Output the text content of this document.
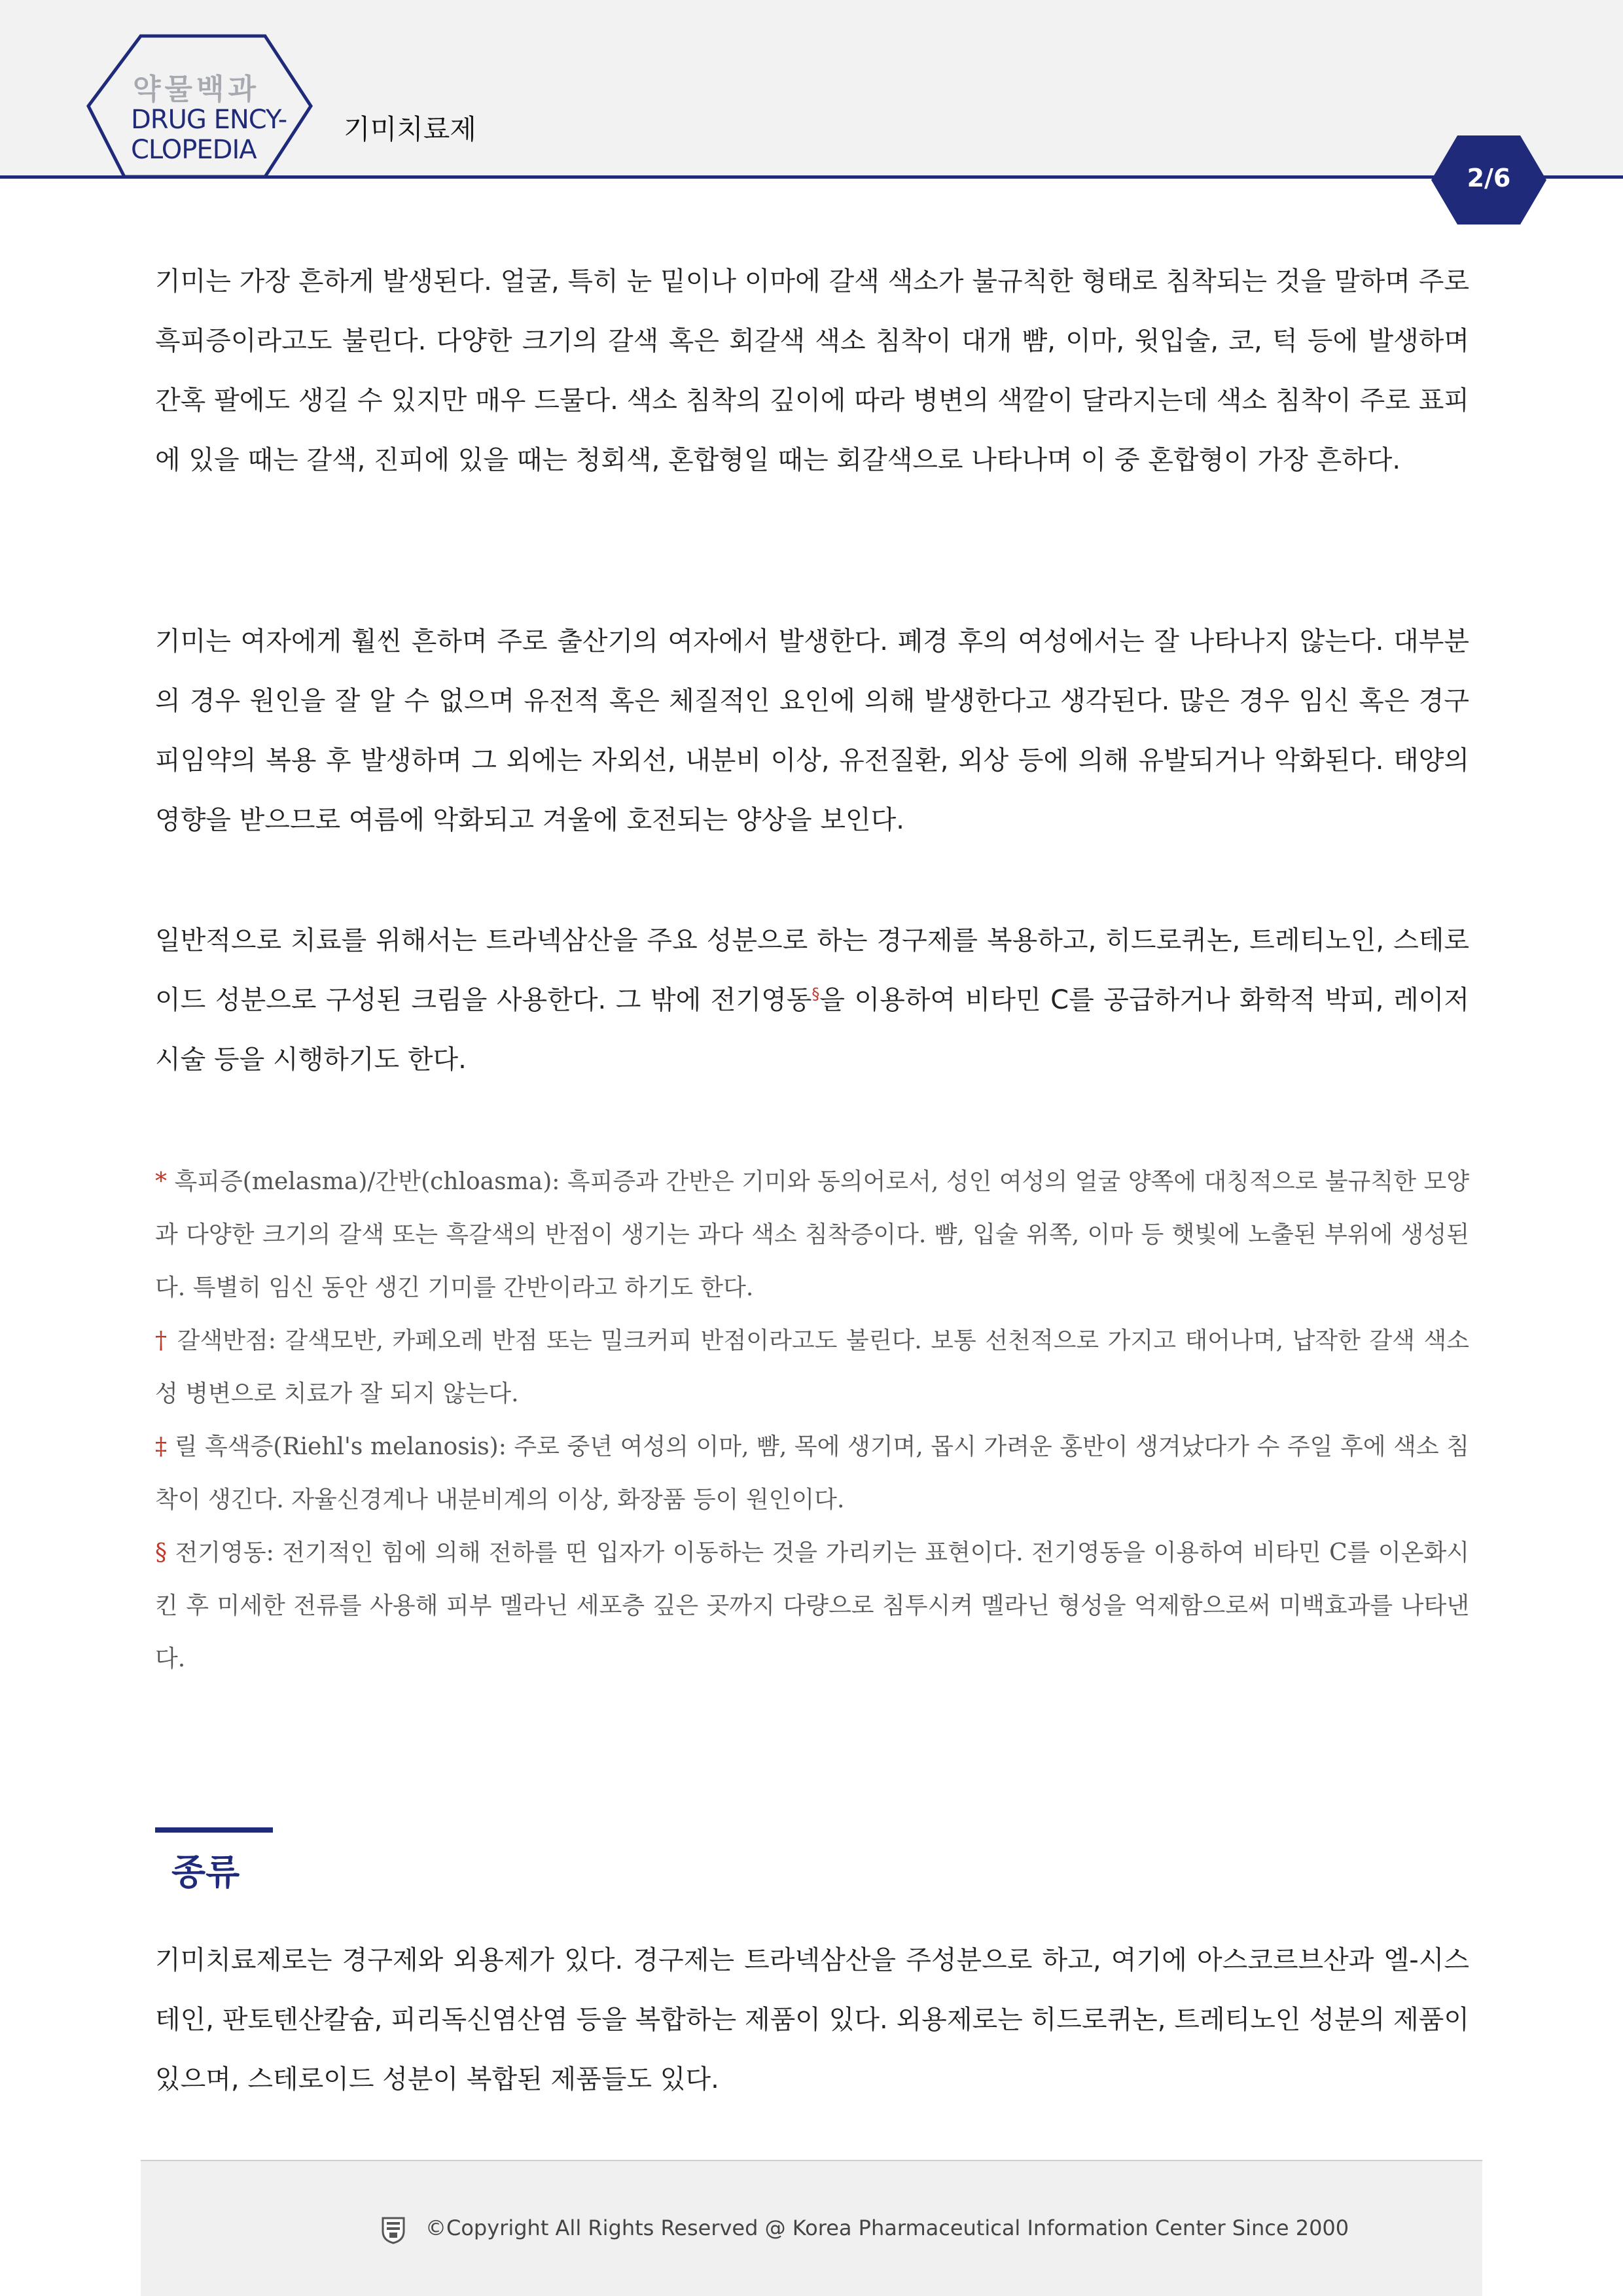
약물백과
DRUG ENCY-
CLOPEDIA
기미치료제
2/6

기미는 가장 흔하게 발생된다. 얼굴, 특히 눈 밑이나 이마에 갈색 색소가 불규칙한 형태로 침착되는 것을 말하며 주로 흑피증이라고도 불린다. 다양한 크기의 갈색 혹은 회갈색 색소 침착이 대개 뺨, 이마, 윗입술, 코, 턱 등에 발생하며 간혹 팔에도 생길 수 있지만 매우 드물다. 색소 침착의 깊이에 따라 병변의 색깔이 달라지는데 색소 침착이 주로 표피에 있을 때는 갈색, 진피에 있을 때는 청회색, 혼합형일 때는 회갈색으로 나타나며 이 중 혼합형이 가장 흔하다.

기미는 여자에게 훨씬 흔하며 주로 출산기의 여자에서 발생한다. 폐경 후의 여성에서는 잘 나타나지 않는다. 대부분의 경우 원인을 잘 알 수 없으며 유전적 혹은 체질적인 요인에 의해 발생한다고 생각된다. 많은 경우 임신 혹은 경구 피임약의 복용 후 발생하며 그 외에는 자외선, 내분비 이상, 유전질환, 외상 등에 의해 유발되거나 악화된다. 태양의 영향을 받으므로 여름에 악화되고 겨울에 호전되는 양상을 보인다.

일반적으로 치료를 위해서는 트라넥삼산을 주요 성분으로 하는 경구제를 복용하고, 히드로퀴논, 트레티노인, 스테로이드 성분으로 구성된 크림을 사용한다. 그 밖에 전기영동§을 이용하여 비타민 C를 공급하거나 화학적 박피, 레이저 시술 등을 시행하기도 한다.

* 흑피증(melasma)/간반(chloasma): 흑피증과 간반은 기미와 동의어로서, 성인 여성의 얼굴 양쪽에 대칭적으로 불규칙한 모양과 다양한 크기의 갈색 또는 흑갈색의 반점이 생기는 과다 색소 침착증이다. 뺨, 입술 위쪽, 이마 등 햇빛에 노출된 부위에 생성된다. 특별히 임신 동안 생긴 기미를 간반이라고 하기도 한다.

† 갈색반점: 갈색모반, 카페오레 반점 또는 밀크커피 반점이라고도 불린다. 보통 선천적으로 가지고 태어나며, 납작한 갈색 색소성 병변으로 치료가 잘 되지 않는다.

‡ 릴 흑색증(Riehl's melanosis): 주로 중년 여성의 이마, 뺨, 목에 생기며, 몹시 가려운 홍반이 생겨났다가 수 주일 후에 색소 침착이 생긴다. 자율신경계나 내분비계의 이상, 화장품 등이 원인이다.

§ 전기영동: 전기적인 힘에 의해 전하를 띤 입자가 이동하는 것을 가리키는 표현이다. 전기영동을 이용하여 비타민 C를 이온화시킨 후 미세한 전류를 사용해 피부 멜라닌 세포층 깊은 곳까지 다량으로 침투시켜 멜라닌 형성을 억제함으로써 미백효과를 나타낸다.

종류

기미치료제로는 경구제와 외용제가 있다. 경구제는 트라넥삼산을 주성분으로 하고, 여기에 아스코르브산과 엘-시스테인, 판토텐산칼슘, 피리독신염산염 등을 복합하는 제품이 있다. 외용제로는 히드로퀴논, 트레티노인 성분의 제품이 있으며, 스테로이드 성분이 복합된 제품들도 있다.

©Copyright All Rights Reserved @ Korea Pharmaceutical Information Center Since 2000
